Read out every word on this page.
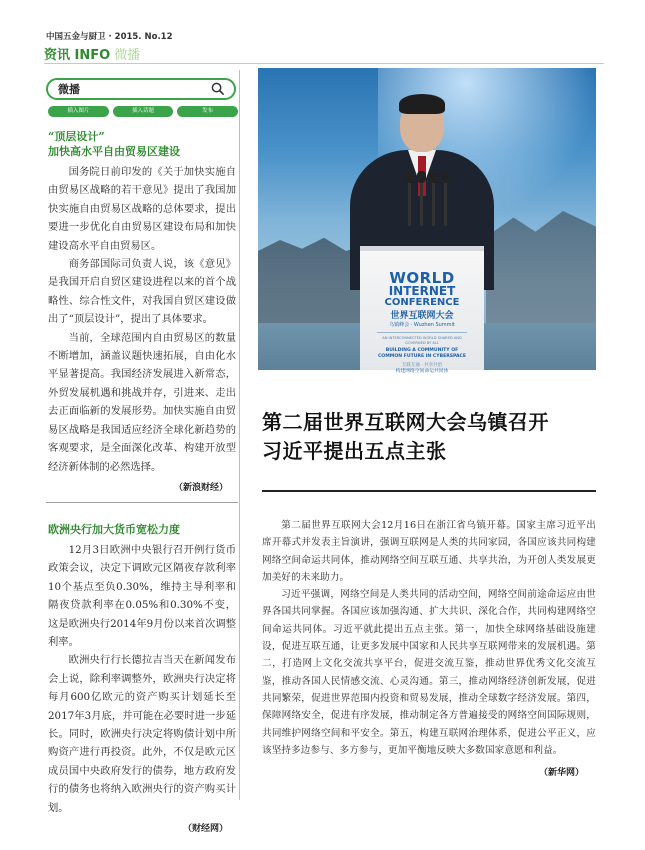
中国五金与厨卫 · 2015. No.12
资讯 INFO 微播
微播
插入图片	插入话题	发布
“顶层设计”
加快高水平自由贸易区建设

国务院日前印发的《关于加快实施自由贸易区战略的若干意见》提出了我国加快实施自由贸易区战略的总体要求，提出要进一步优化自由贸易区建设布局和加快建设高水平自由贸易区。

商务部国际司负责人说，该《意见》是我国开启自贸区建设进程以来的首个战略性、综合性文件，对我国自贸区建设做出了“顶层设计”，提出了具体要求。

当前，全球范围内自由贸易区的数量不断增加，涵盖议题快速拓展，自由化水平显著提高。我国经济发展进入新常态，外贸发展机遇和挑战并存，引进来、走出去正面临新的发展形势。加快实施自由贸易区战略是我国适应经济全球化新趋势的客观要求，是全面深化改革、构建开放型经济新体制的必然选择。

（新浪财经）
欧洲央行加大货币宽松力度

12月3日欧洲中央银行召开例行货币政策会议，决定下调欧元区隔夜存款利率10个基点至负0.30%，维持主导利率和隔夜贷款利率在0.05%和0.30%不变，这是欧洲央行2014年9月份以来首次调整利率。

欧洲央行行长德拉吉当天在新闻发布会上说，除利率调整外，欧洲央行决定将每月600亿欧元的资产购买计划延长至2017年3月底，并可能在必要时进一步延长。同时，欧洲央行决定将购债计划中所购资产进行再投资。此外，不仅是欧元区成员国中央政府发行的债券，地方政府发行的债务也将纳入欧洲央行的资产购买计划。

（财经网）
WORLD
INTERNET
CONFERENCE
世界互联网大会
乌镇峰会 · Wuzhen Summit
AN INTERCONNECTED WORLD SHARED AND GOVERNED BY ALL
BUILDING A COMMUNITY OF COMMON FUTURE IN CYBERSPACE
互联互通 · 共享共治
构建网络空间命运共同体
第二届世界互联网大会乌镇召开
习近平提出五点主张

第二届世界互联网大会12月16日在浙江省乌镇开幕。国家主席习近平出席开幕式并发表主旨演讲，强调互联网是人类的共同家园，各国应该共同构建网络空间命运共同体，推动网络空间互联互通、共享共治，为开创人类发展更加美好的未来助力。

习近平强调，网络空间是人类共同的活动空间，网络空间前途命运应由世界各国共同掌握。各国应该加强沟通、扩大共识、深化合作，共同构建网络空间命运共同体。习近平就此提出五点主张。第一，加快全球网络基础设施建设，促进互联互通，让更多发展中国家和人民共享互联网带来的发展机遇。第二，打造网上文化交流共享平台，促进交流互鉴，推动世界优秀文化交流互鉴，推动各国人民情感交流、心灵沟通。第三，推动网络经济创新发展，促进共同繁荣，促进世界范围内投资和贸易发展，推动全球数字经济发展。第四，保障网络安全，促进有序发展，推动制定各方普遍接受的网络空间国际规则，共同维护网络空间和平安全。第五，构建互联网治理体系，促进公平正义，应该坚持多边参与、多方参与，更加平衡地反映大多数国家意愿和利益。

（新华网）
